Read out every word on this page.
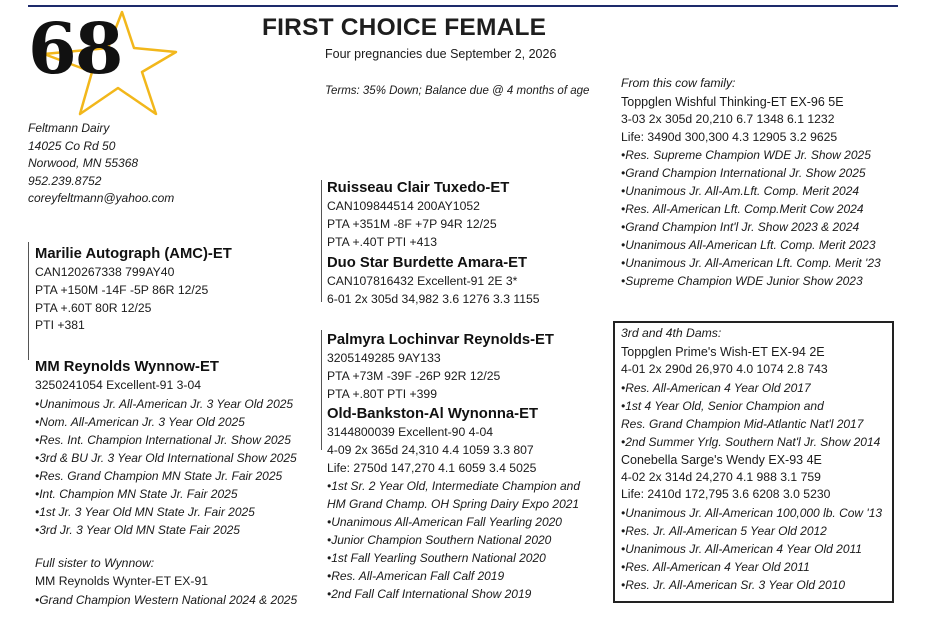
68	FIRST CHOICE FEMALE
Four pregnancies due September 2, 2026
Terms: 35% Down; Balance due @ 4 months of age
Feltmann Dairy
14025 Co Rd 50
Norwood, MN 55368
952.239.8752
coreyfeltmann@yahoo.com
Marilie Autograph (AMC)-ET
CAN120267338 799AY40
PTA +150M -14F -5P 86R 12/25
PTA +.60T 80R 12/25
PTI +381
MM Reynolds Wynnow-ET
3250241054 Excellent-91 3-04
•Unanimous Jr. All-American Jr. 3 Year Old 2025
•Nom. All-American Jr. 3 Year Old 2025
•Res. Int. Champion International Jr. Show 2025
•3rd & BU Jr. 3 Year Old International Show 2025
•Res. Grand Champion MN State Jr. Fair 2025
•Int. Champion MN State Jr. Fair 2025
•1st Jr. 3 Year Old MN State Jr. Fair 2025
•3rd Jr. 3 Year Old MN State Fair 2025
Full sister to Wynnow:
MM Reynolds Wynter-ET EX-91
•Grand Champion Western National 2024 & 2025
Ruisseau Clair Tuxedo-ET
CAN109844514 200AY1052
PTA +351M -8F +7P 94R 12/25
PTA +.40T PTI +413
Duo Star Burdette Amara-ET
CAN107816432 Excellent-91 2E 3*
6-01 2x 305d 34,982 3.6 1276 3.3 1155
Palmyra Lochinvar Reynolds-ET
3205149285 9AY133
PTA +73M -39F -26P 92R 12/25
PTA +.80T PTI +399
Old-Bankston-Al Wynonna-ET
3144800039 Excellent-90 4-04
4-09 2x 365d 24,310 4.4 1059 3.3 807
Life: 2750d 147,270 4.1 6059 3.4 5025
•1st Sr. 2 Year Old, Intermediate Champion and
HM Grand Champ. OH Spring Dairy Expo 2021
•Unanimous All-American Fall Yearling 2020
•Junior Champion Southern National 2020
•1st Fall Yearling Southern National 2020
•Res. All-American Fall Calf 2019
•2nd Fall Calf International Show 2019
From this cow family:
Toppglen Wishful Thinking-ET EX-96 5E
3-03 2x 305d 20,210 6.7 1348 6.1 1232
Life: 3490d 300,300 4.3 12905 3.2 9625
•Res. Supreme Champion WDE Jr. Show 2025
•Grand Champion International Jr. Show 2025
•Unanimous Jr. All-Am.Lft. Comp. Merit 2024
•Res. All-American Lft. Comp.Merit Cow 2024
•Grand Champion Int'l Jr. Show 2023 & 2024
•Unanimous All-American Lft. Comp. Merit 2023
•Unanimous Jr. All-American Lft. Comp. Merit '23
•Supreme Champion WDE Junior Show 2023
3rd and 4th Dams:
Toppglen Prime's Wish-ET EX-94 2E
4-01 2x 290d 26,970 4.0 1074 2.8 743
•Res. All-American 4 Year Old 2017
•1st 4 Year Old, Senior Champion and
Res. Grand Champion Mid-Atlantic Nat'l 2017
•2nd Summer Yrlg. Southern Nat'l Jr. Show 2014
Conebella Sarge's Wendy EX-93 4E
4-02 2x 314d 24,270 4.1 988 3.1 759
Life: 2410d 172,795 3.6 6208 3.0 5230
•Unanimous Jr. All-American 100,000 lb. Cow '13
•Res. Jr. All-American 5 Year Old 2012
•Unanimous Jr. All-American 4 Year Old 2011
•Res. All-American 4 Year Old 2011
•Res. Jr. All-American Sr. 3 Year Old 2010
